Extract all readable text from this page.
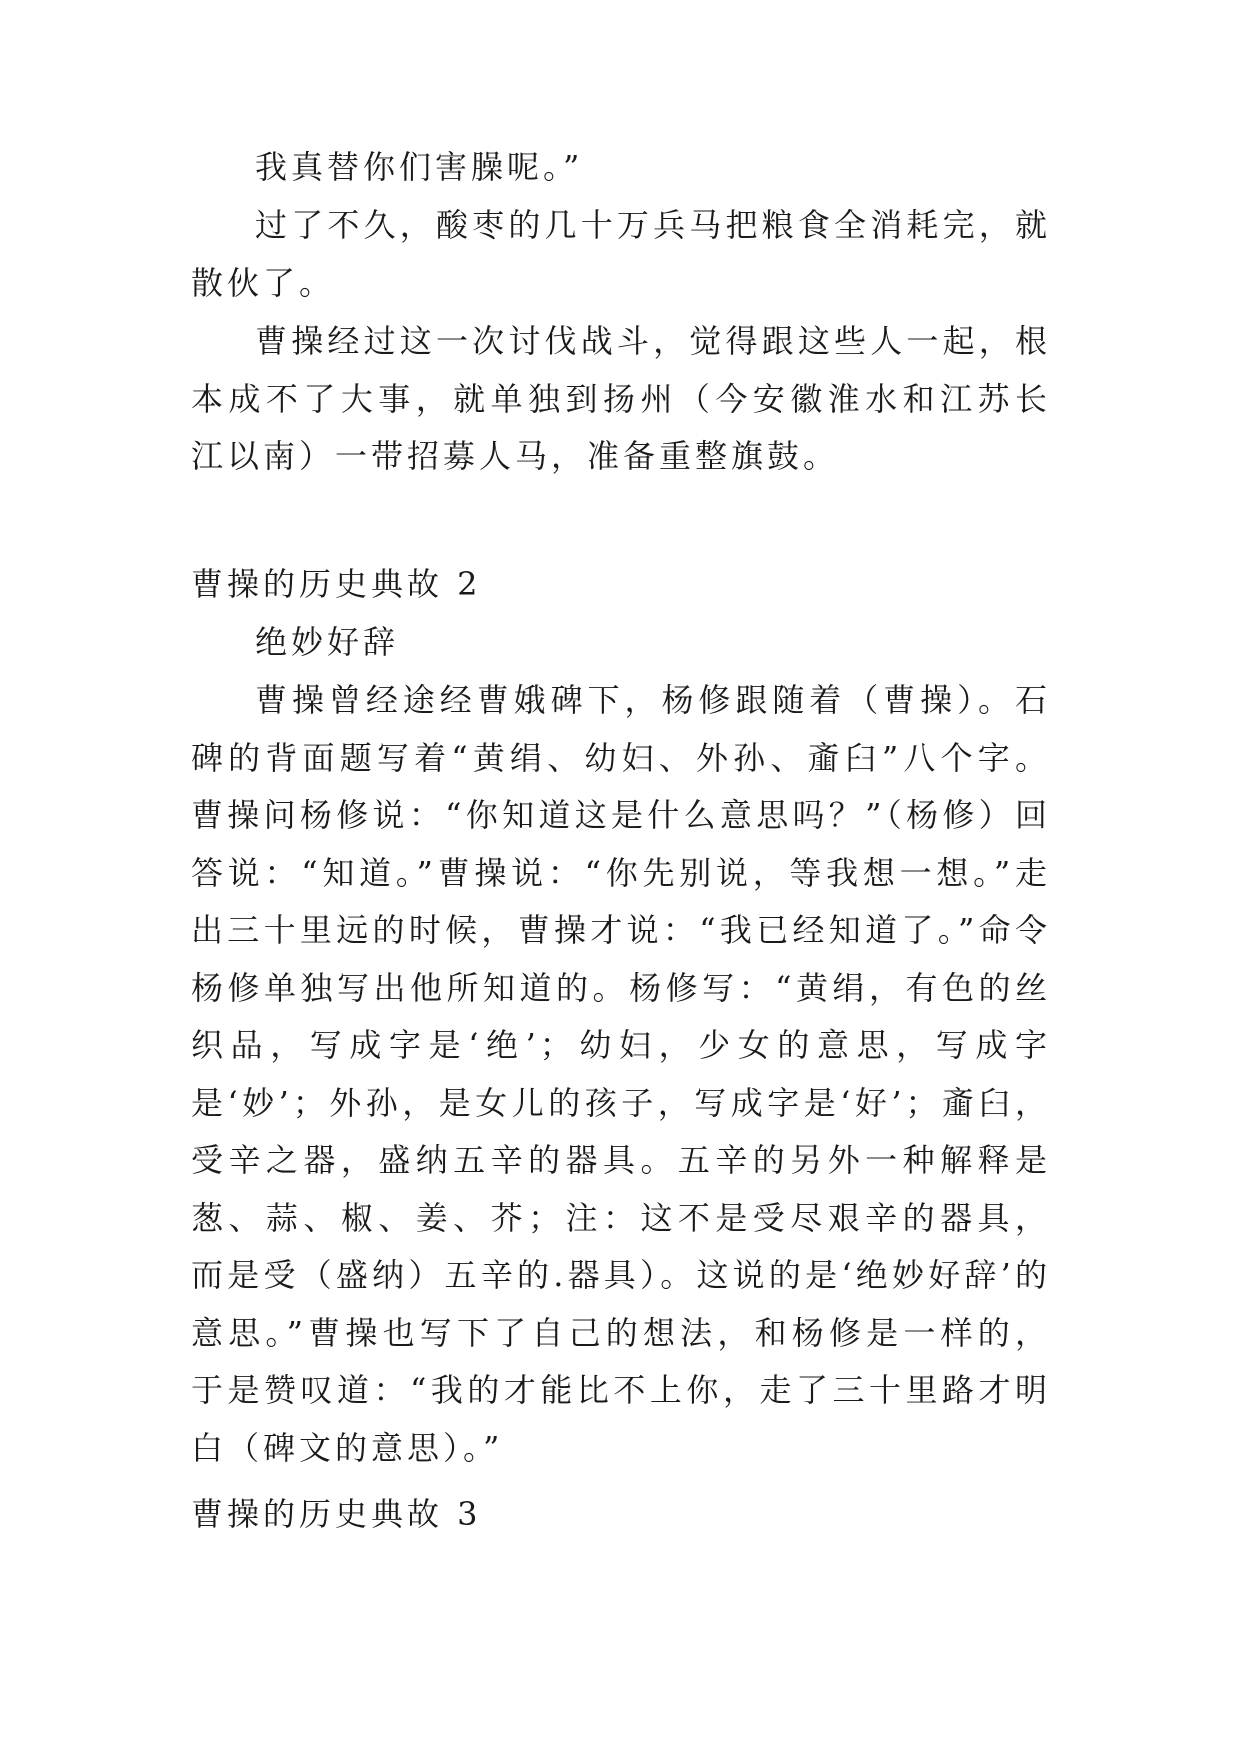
我真替你们害臊呢。”

过了不久，酸枣的几十万兵马把粮食全消耗完，就散伙了。

曹操经过这一次讨伐战斗，觉得跟这些人一起，根本成不了大事，就单独到扬州（今安徽淮水和江苏长江以南）一带招募人马，准备重整旗鼓。

曹操的历史典故 2

绝妙好辞

曹操曾经途经曹娥碑下，杨修跟随着（曹操）。石碑的背面题写着“黄绢、幼妇、外孙、齑臼”八个字。曹操问杨修说：“你知道这是什么意思吗？”（杨修）回答说：“知道。”曹操说：“你先别说，等我想一想。”走出三十里远的时候，曹操才说：“我已经知道了。”命令杨修单独写出他所知道的。杨修写：“黄绢，有色的丝织品，写成字是‘绝’；幼妇，少女的意思，写成字是‘妙’；外孙，是女儿的孩子，写成字是‘好’；齑臼，受辛之器，盛纳五辛的器具。五辛的另外一种解释是葱、蒜、椒、姜、芥；注：这不是受尽艰辛的器具，而是受（盛纳）五辛的.器具）。这说的是‘绝妙好辞’的意思。”曹操也写下了自己的想法，和杨修是一样的，于是赞叹道：“我的才能比不上你，走了三十里路才明白（碑文的意思）。”

曹操的历史典故 3
